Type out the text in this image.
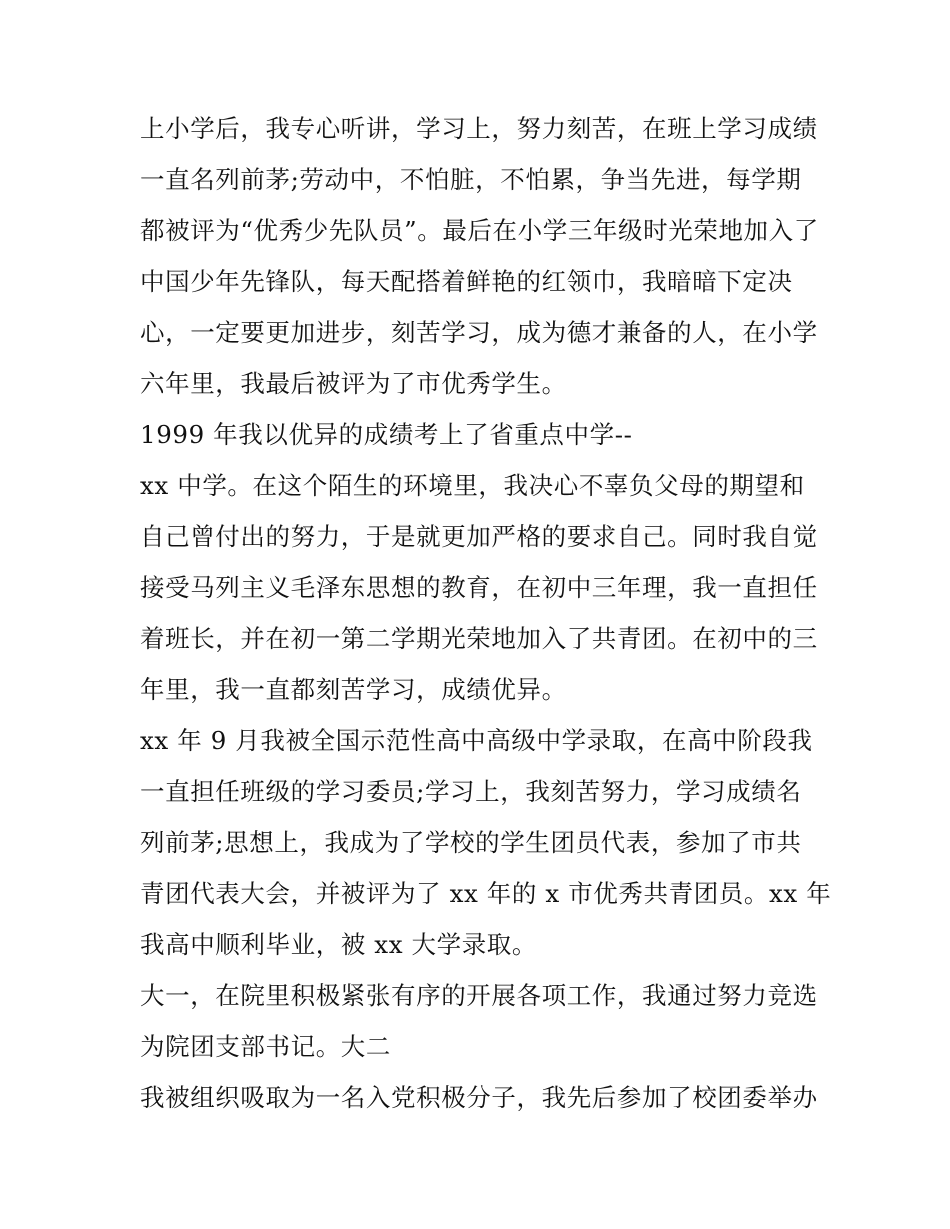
上小学后，我专心听讲，学习上，努力刻苦，在班上学习成绩
一直名列前茅;劳动中，不怕脏，不怕累，争当先进，每学期
都被评为“优秀少先队员”。最后在小学三年级时光荣地加入了
中国少年先锋队，每天配搭着鲜艳的红领巾，我暗暗下定决
心，一定要更加进步，刻苦学习，成为德才兼备的人，在小学
六年里，我最后被评为了市优秀学生。
1999 年我以优异的成绩考上了省重点中学--
xx 中学。在这个陌生的环境里，我决心不辜负父母的期望和
自己曾付出的努力，于是就更加严格的要求自己。同时我自觉
接受马列主义毛泽东思想的教育，在初中三年理，我一直担任
着班长，并在初一第二学期光荣地加入了共青团。在初中的三
年里，我一直都刻苦学习，成绩优异。
xx 年 9 月我被全国示范性高中高级中学录取，在高中阶段我
一直担任班级的学习委员;学习上，我刻苦努力，学习成绩名
列前茅;思想上，我成为了学校的学生团员代表，参加了市共
青团代表大会，并被评为了 xx 年的 x 市优秀共青团员。xx 年
我高中顺利毕业，被 xx 大学录取。
大一，在院里积极紧张有序的开展各项工作，我通过努力竞选
为院团支部书记。大二
我被组织吸取为一名入党积极分子，我先后参加了校团委举办
